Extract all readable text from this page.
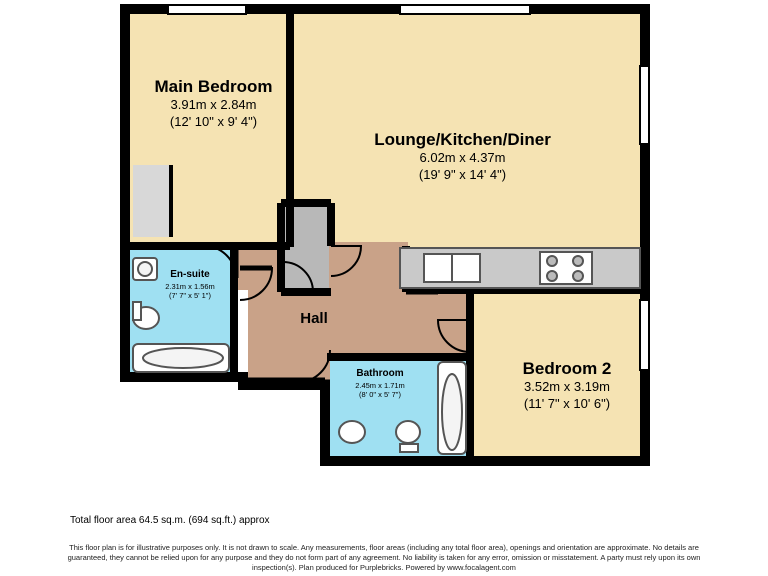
Main Bedroom
3.91m x 2.84m
(12' 10" x 9' 4")
Lounge/Kitchen/Diner
6.02m x 4.37m
(19' 9" x 14' 4")
Bedroom 2
3.52m x 3.19m
(11' 7" x 10' 6")
En-suite
2.31m x 1.56m
(7' 7" x 5' 1")
Bathroom
2.45m x 1.71m
(8' 0" x 5' 7")
Hall
Total floor area 64.5 sq.m. (694 sq.ft.) approx
This floor plan is for illustrative purposes only. It is not drawn to scale. Any measurements, floor areas (including any total floor area), openings and orientation are approximate. No details are guaranteed, they cannot be relied upon for any purpose and they do not form part of any agreement. No liability is taken for any error, omission or misstatement. A party must rely upon its own inspection(s). Plan produced for Purplebricks. Powered by www.focalagent.com
